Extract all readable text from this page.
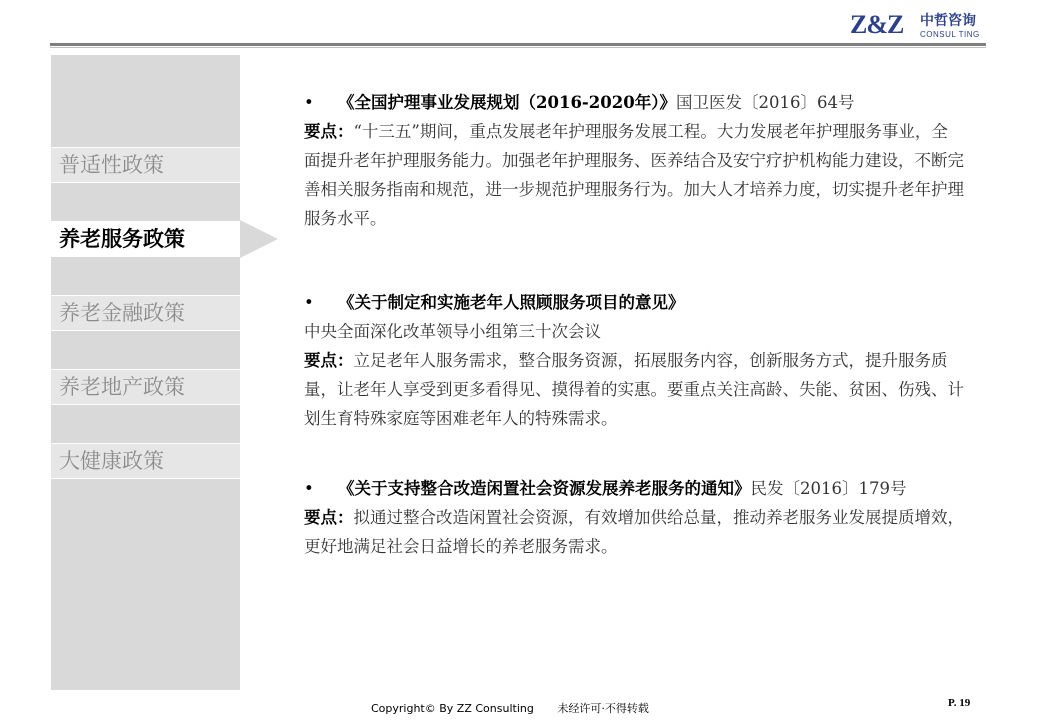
Z&Z 中哲咨询
CONSUL TING
普适性政策
养老服务政策
养老金融政策
养老地产政策
大健康政策
• 《全国护理事业发展规划（2016-2020年）》国卫医发〔2016〕64号
要点：“十三五”期间，重点发展老年护理服务发展工程。大力发展老年护理服务事业，全面提升老年护理服务能力。加强老年护理服务、医养结合及安宁疗护机构能力建设，不断完善相关服务指南和规范，进一步规范护理服务行为。加大人才培养力度，切实提升老年护理服务水平。
• 《关于制定和实施老年人照顾服务项目的意见》
中央全面深化改革领导小组第三十次会议
要点：立足老年人服务需求，整合服务资源，拓展服务内容，创新服务方式，提升服务质量，让老年人享受到更多看得见、摸得着的实惠。要重点关注高龄、失能、贫困、伤残、计划生育特殊家庭等困难老年人的特殊需求。
• 《关于支持整合改造闲置社会资源发展养老服务的通知》民发〔2016〕179号
要点：拟通过整合改造闲置社会资源，有效增加供给总量，推动养老服务业发展提质增效，更好地满足社会日益增长的养老服务需求。
Copyright© By ZZ Consulting 未经许可·不得转载	P. 19
